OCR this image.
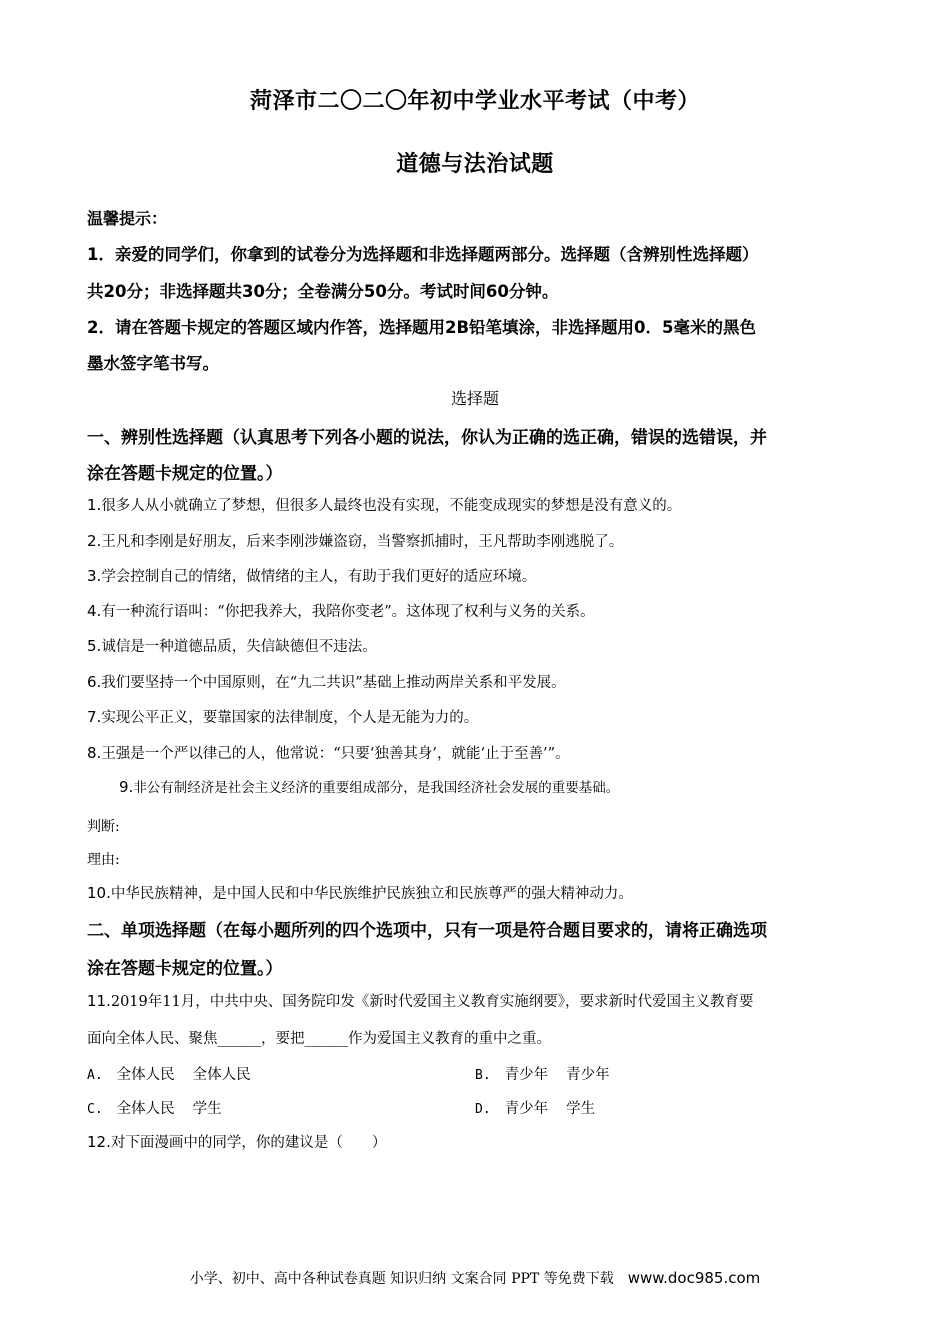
菏泽市二〇二〇年初中学业水平考试（中考）
道德与法治试题
温馨提示：
1．亲爱的同学们，你拿到的试卷分为选择题和非选择题两部分。选择题（含辨别性选择题）
共20分；非选择题共30分；全卷满分50分。考试时间60分钟。
2．请在答题卡规定的答题区域内作答，选择题用2B铅笔填涂，非选择题用0．5毫米的黑色
墨水签字笔书写。
选择题
一、辨别性选择题（认真思考下列各小题的说法，你认为正确的选正确，错误的选错误，并
涂在答题卡规定的位置。）
1.很多人从小就确立了梦想，但很多人最终也没有实现，不能变成现实的梦想是没有意义的。
2.王凡和李刚是好朋友，后来李刚涉嫌盗窃，当警察抓捕时，王凡帮助李刚逃脱了。
3.学会控制自己的情绪，做情绪的主人，有助于我们更好的适应环境。
4.有一种流行语叫：“你把我养大，我陪你变老”。这体现了权利与义务的关系。
5.诚信是一种道德品质，失信缺德但不违法。
6.我们要坚持一个中国原则，在“九二共识”基础上推动两岸关系和平发展。
7.实现公平正义，要靠国家的法律制度，个人是无能为力的。
8.王强是一个严以律己的人，他常说：“只要‘独善其身’，就能‘止于至善’”。
9.非公有制经济是社会主义经济的重要组成部分，是我国经济社会发展的重要基础。
判断:
理由:
10.中华民族精神，是中国人民和中华民族维护民族独立和民族尊严的强大精神动力。
二、单项选择题（在每小题所列的四个选项中，只有一项是符合题目要求的，请将正确选项
涂在答题卡规定的位置。）
11.2019年11月，中共中央、国务院印发《新时代爱国主义教育实施纲要》，要求新时代爱国主义教育要
面向全体人民、聚焦______，要把______作为爱国主义教育的重中之重。
A. 全体人民 全体人民	B. 青少年 青少年
C. 全体人民 学生	D. 青少年 学生
12.对下面漫画中的同学，你的建议是（　　）
小学、初中、高中各种试卷真题 知识归纳 文案合同 PPT 等免费下载 www.doc985.com
